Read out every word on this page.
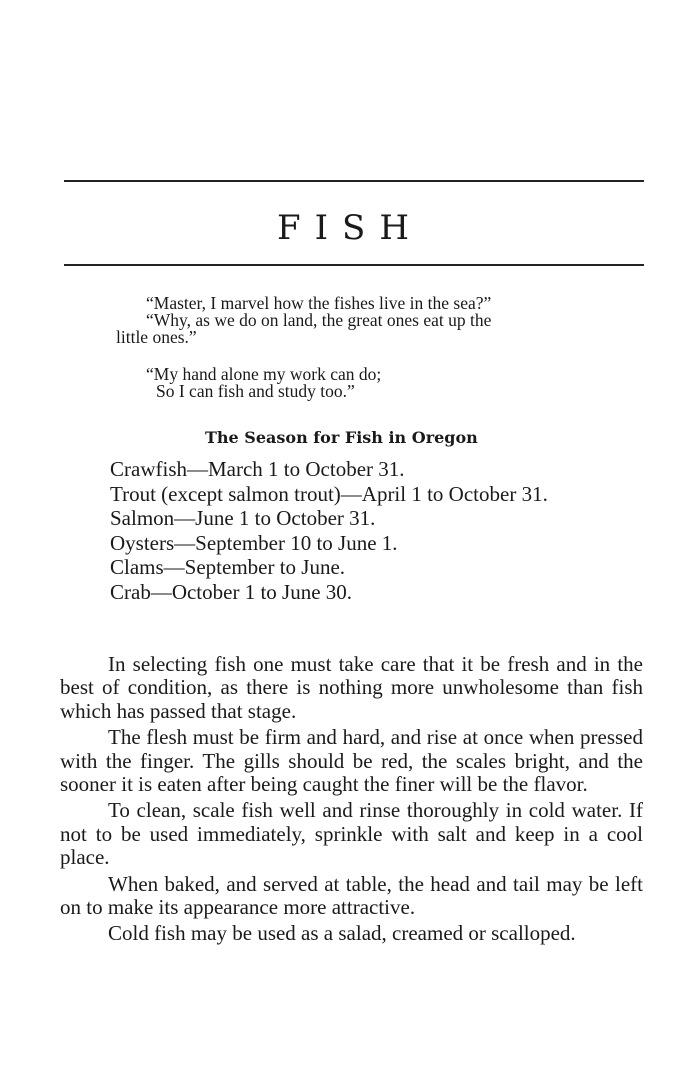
FISH
“Master, I marvel how the fishes live in the sea?”
“Why, as we do on land, the great ones eat up the
little ones.”
“My hand alone my work can do;
So I can fish and study too.”
The Season for Fish in Oregon
Crawfish—March 1 to October 31.
Trout (except salmon trout)—April 1 to October 31.
Salmon—June 1 to October 31.
Oysters—September 10 to June 1.
Clams—September to June.
Crab—October 1 to June 30.

In selecting fish one must take care that it be fresh and in the best of condition, as there is nothing more unwholesome than fish which has passed that stage.

The flesh must be firm and hard, and rise at once when pressed with the finger. The gills should be red, the scales bright, and the sooner it is eaten after being caught the finer will be the flavor.

To clean, scale fish well and rinse thoroughly in cold water. If not to be used immediately, sprinkle with salt and keep in a cool place.

When baked, and served at table, the head and tail may be left on to make its appearance more attractive.

Cold fish may be used as a salad, creamed or scalloped.
